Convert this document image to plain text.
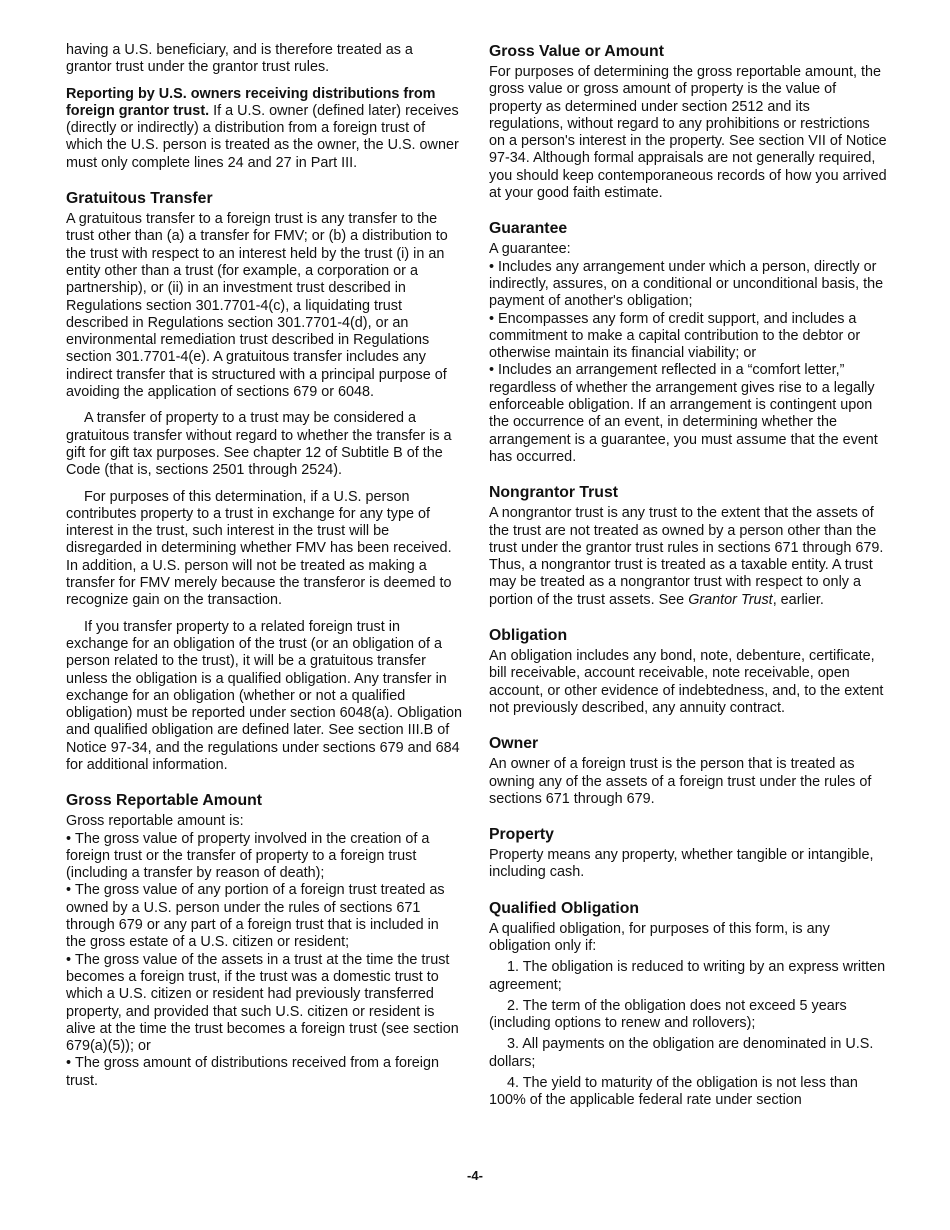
having a U.S. beneficiary, and is therefore treated as a grantor trust under the grantor trust rules.

Reporting by U.S. owners receiving distributions from foreign grantor trust. If a U.S. owner (defined later) receives (directly or indirectly) a distribution from a foreign trust of which the U.S. person is treated as the owner, the U.S. owner must only complete lines 24 and 27 in Part III.

Gratuitous Transfer

A gratuitous transfer to a foreign trust is any transfer to the trust other than (a) a transfer for FMV; or (b) a distribution to the trust with respect to an interest held by the trust (i) in an entity other than a trust (for example, a corporation or a partnership), or (ii) in an investment trust described in Regulations section 301.7701-4(c), a liquidating trust described in Regulations section 301.7701-4(d), or an environmental remediation trust described in Regulations section 301.7701-4(e). A gratuitous transfer includes any indirect transfer that is structured with a principal purpose of avoiding the application of sections 679 or 6048.

A transfer of property to a trust may be considered a gratuitous transfer without regard to whether the transfer is a gift for gift tax purposes. See chapter 12 of Subtitle B of the Code (that is, sections 2501 through 2524).

For purposes of this determination, if a U.S. person contributes property to a trust in exchange for any type of interest in the trust, such interest in the trust will be disregarded in determining whether FMV has been received. In addition, a U.S. person will not be treated as making a transfer for FMV merely because the transferor is deemed to recognize gain on the transaction.

If you transfer property to a related foreign trust in exchange for an obligation of the trust (or an obligation of a person related to the trust), it will be a gratuitous transfer unless the obligation is a qualified obligation. Any transfer in exchange for an obligation (whether or not a qualified obligation) must be reported under section 6048(a). Obligation and qualified obligation are defined later. See section III.B of Notice 97-34, and the regulations under sections 679 and 684 for additional information.

Gross Reportable Amount

Gross reportable amount is:

• The gross value of property involved in the creation of a foreign trust or the transfer of property to a foreign trust (including a transfer by reason of death);

• The gross value of any portion of a foreign trust treated as owned by a U.S. person under the rules of sections 671 through 679 or any part of a foreign trust that is included in the gross estate of a U.S. citizen or resident;

• The gross value of the assets in a trust at the time the trust becomes a foreign trust, if the trust was a domestic trust to which a U.S. citizen or resident had previously transferred property, and provided that such U.S. citizen or resident is alive at the time the trust becomes a foreign trust (see section 679(a)(5)); or

• The gross amount of distributions received from a foreign trust.

Gross Value or Amount

For purposes of determining the gross reportable amount, the gross value or gross amount of property is the value of property as determined under section 2512 and its regulations, without regard to any prohibitions or restrictions on a person's interest in the property. See section VII of Notice 97-34. Although formal appraisals are not generally required, you should keep contemporaneous records of how you arrived at your good faith estimate.

Guarantee

A guarantee:

• Includes any arrangement under which a person, directly or indirectly, assures, on a conditional or unconditional basis, the payment of another's obligation;

• Encompasses any form of credit support, and includes a commitment to make a capital contribution to the debtor or otherwise maintain its financial viability; or

• Includes an arrangement reflected in a “comfort letter,” regardless of whether the arrangement gives rise to a legally enforceable obligation. If an arrangement is contingent upon the occurrence of an event, in determining whether the arrangement is a guarantee, you must assume that the event has occurred.

Nongrantor Trust

A nongrantor trust is any trust to the extent that the assets of the trust are not treated as owned by a person other than the trust under the grantor trust rules in sections 671 through 679. Thus, a nongrantor trust is treated as a taxable entity. A trust may be treated as a nongrantor trust with respect to only a portion of the trust assets. See Grantor Trust, earlier.

Obligation

An obligation includes any bond, note, debenture, certificate, bill receivable, account receivable, note receivable, open account, or other evidence of indebtedness, and, to the extent not previously described, any annuity contract.

Owner

An owner of a foreign trust is the person that is treated as owning any of the assets of a foreign trust under the rules of sections 671 through 679.

Property

Property means any property, whether tangible or intangible, including cash.

Qualified Obligation

A qualified obligation, for purposes of this form, is any obligation only if:

1. The obligation is reduced to writing by an express written agreement;

2. The term of the obligation does not exceed 5 years (including options to renew and rollovers);

3. All payments on the obligation are denominated in U.S. dollars;

4. The yield to maturity of the obligation is not less than 100% of the applicable federal rate under section

-4-
